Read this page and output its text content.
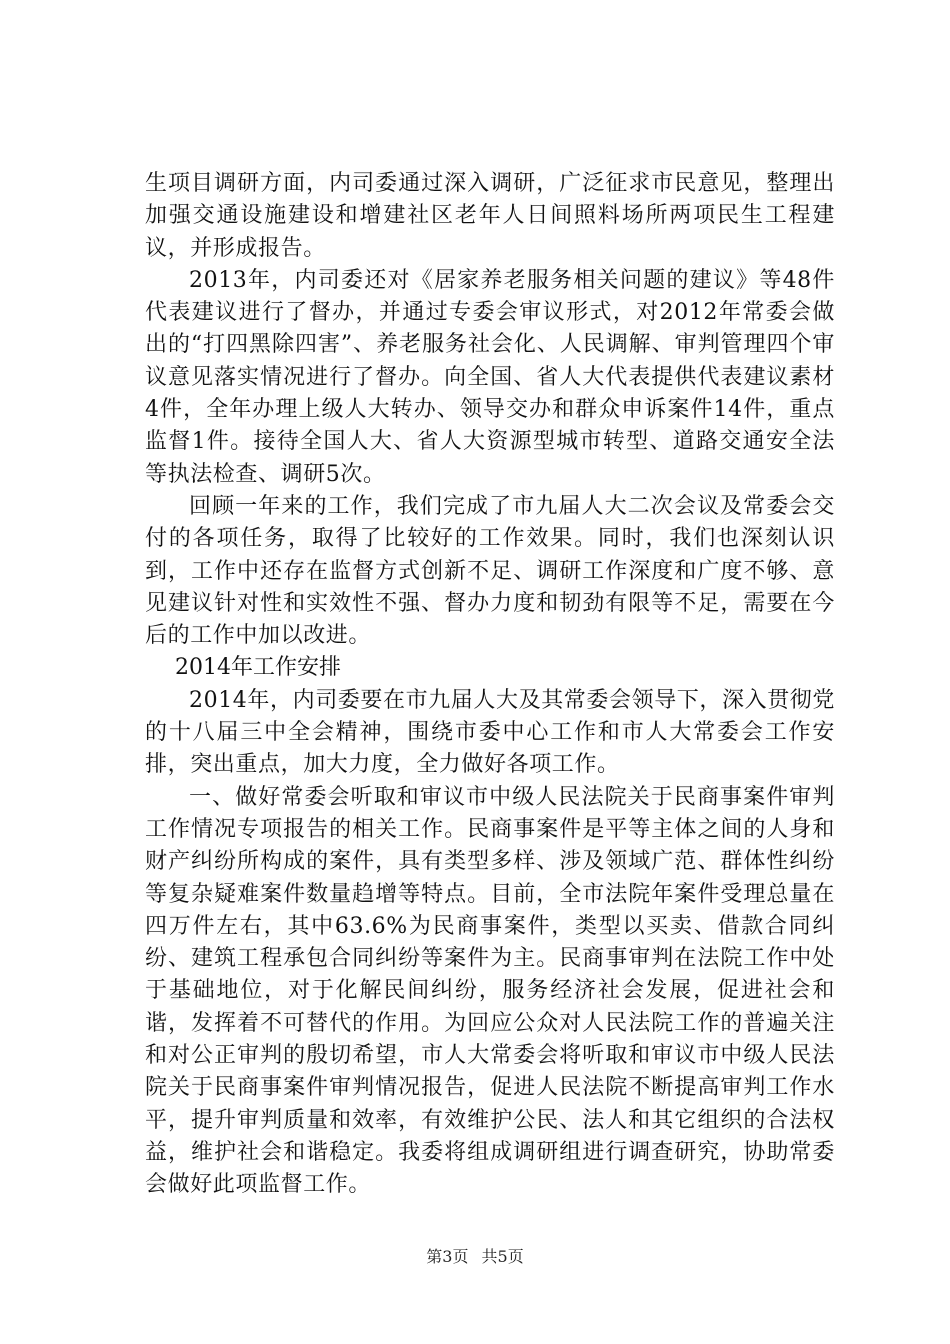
生项目调研方面，内司委通过深入调研，广泛征求市民意见，整理出加强交通设施建设和增建社区老年人日间照料场所两项民生工程建议，并形成报告。

2013年，内司委还对《居家养老服务相关问题的建议》等48件代表建议进行了督办，并通过专委会审议形式，对2012年常委会做出的“打四黑除四害”、养老服务社会化、人民调解、审判管理四个审议意见落实情况进行了督办。向全国、省人大代表提供代表建议素材4件，全年办理上级人大转办、领导交办和群众申诉案件14件，重点监督1件。接待全国人大、省人大资源型城市转型、道路交通安全法等执法检查、调研5次。

回顾一年来的工作，我们完成了市九届人大二次会议及常委会交付的各项任务，取得了比较好的工作效果。同时，我们也深刻认识到，工作中还存在监督方式创新不足、调研工作深度和广度不够、意见建议针对性和实效性不强、督办力度和韧劲有限等不足，需要在今后的工作中加以改进。

2014年工作安排

2014年，内司委要在市九届人大及其常委会领导下，深入贯彻党的十八届三中全会精神，围绕市委中心工作和市人大常委会工作安排，突出重点，加大力度，全力做好各项工作。

一、做好常委会听取和审议市中级人民法院关于民商事案件审判工作情况专项报告的相关工作。民商事案件是平等主体之间的人身和财产纠纷所构成的案件，具有类型多样、涉及领域广范、群体性纠纷等复杂疑难案件数量趋增等特点。目前，全市法院年案件受理总量在四万件左右，其中63.6%为民商事案件，类型以买卖、借款合同纠纷、建筑工程承包合同纠纷等案件为主。民商事审判在法院工作中处于基础地位，对于化解民间纠纷，服务经济社会发展，促进社会和谐，发挥着不可替代的作用。为回应公众对人民法院工作的普遍关注和对公正审判的殷切希望，市人大常委会将听取和审议市中级人民法院关于民商事案件审判情况报告，促进人民法院不断提高审判工作水平，提升审判质量和效率，有效维护公民、法人和其它组织的合法权益，维护社会和谐稳定。我委将组成调研组进行调查研究，协助常委会做好此项监督工作。

第3页 共5页
